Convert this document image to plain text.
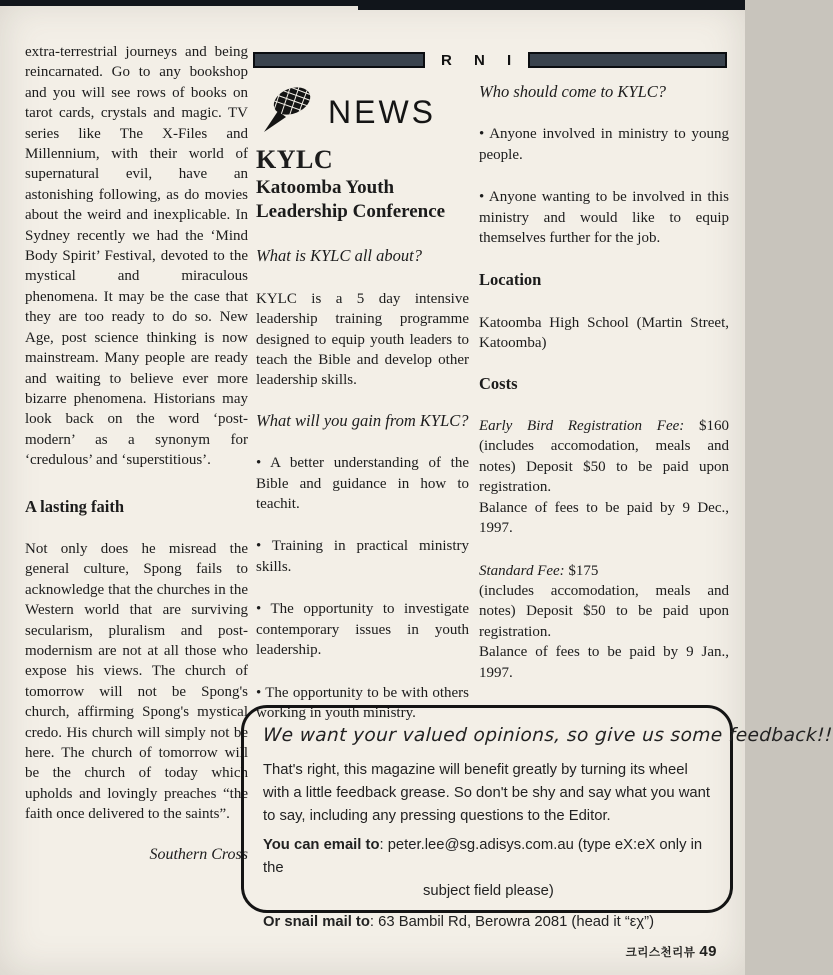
extra-terrestrial journeys and being reincarnated. Go to any bookshop and you will see rows of books on tarot cards, crystals and magic. TV series like The X-Files and Millennium, with their world of supernatural evil, have an astonishing following, as do movies about the weird and inexplicable. In Sydney recently we had the ‘Mind Body Spirit’ Festival, devoted to the mystical and miraculous phenomena. It may be the case that they are too ready to do so. New Age, post science thinking is now mainstream. Many people are ready and waiting to believe ever more bizarre phenomena. Historians may look back on the word ‘post-modern’ as a synonym for ‘credulous’ and ‘superstitious’.

A lasting faith

Not only does he misread the general culture, Spong fails to acknowledge that the churches in the Western world that are surviving secularism, pluralism and post-modernism are not at all those who expose his views. The church of tomorrow will not be Spong's church, affirming Spong's mystical credo. His church will simply not be here. The church of tomorrow will be the church of today which upholds and lovingly preaches “the faith once delivered to the saints”.

Southern Cross

R N I
NEWS

KYLC

Katoomba Youth
Leadership Conference

What is KYLC all about?

KYLC is a 5 day intensive leadership training programme designed to equip youth leaders to teach the Bible and develop other leadership skills.

What will you gain from KYLC?

• A better understanding of the Bible and guidance in how to teachit.

• Training in practical ministry skills.

• The opportunity to investigate contemporary issues in youth leadership.

• The opportunity to be with others working in youth ministry.

Who should come to KYLC?

• Anyone involved in ministry to young people.

• Anyone wanting to be involved in this ministry and would like to equip themselves further for the job.

Location

Katoomba High School (Martin Street, Katoomba)

Costs

Early Bird Registration Fee: $160 (includes accomodation, meals and notes) Deposit $50 to be paid upon registration.
Balance of fees to be paid by 9 Dec., 1997.

Standard Fee: $175
(includes accomodation, meals and notes) Deposit $50 to be paid upon registration.
Balance of fees to be paid by 9 Jan., 1997.

We want your valued opinions, so give us some feedback!!

That's right, this magazine will benefit greatly by turning its wheel with a little feedback grease. So don't be shy and say what you want to say, including any pressing questions to the Editor.

You can email to: peter.lee@sg.adisys.com.au (type eX:eX only in the
subject field please)

Or snail mail to: 63 Bambil Rd, Berowra 2081 (head it “εχ”)

크리스천리뷰 49
